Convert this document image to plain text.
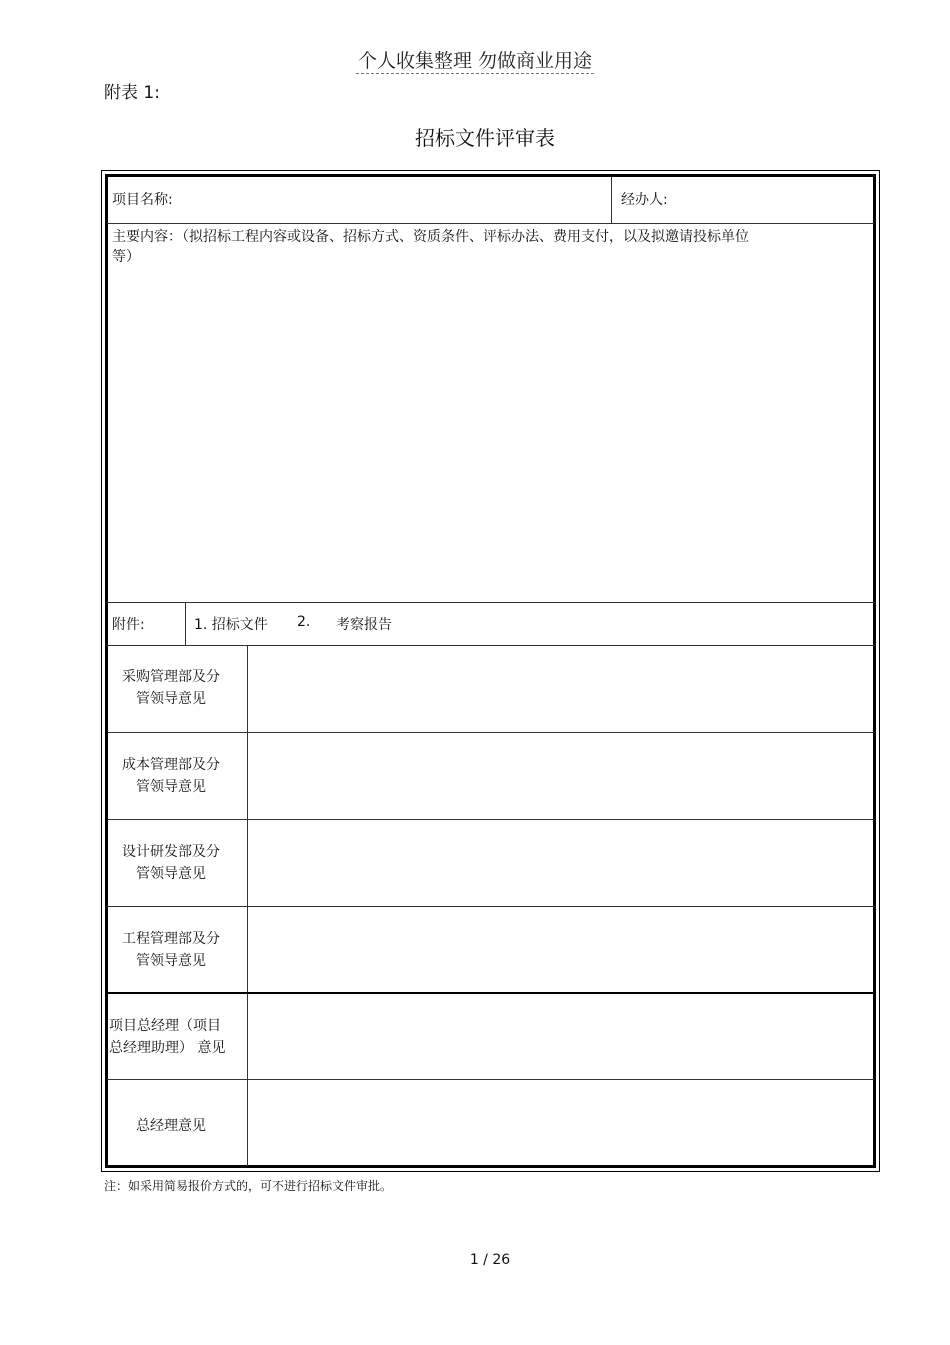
个人收集整理 勿做商业用途
附表 1:
招标文件评审表
项目名称:	经办人:
主要内容：（拟招标工程内容或设备、招标方式、资质条件、评标办法、费用支付，以及拟邀请投标单位
等）
附件:	1. 招标文件 2. 考察报告
采购管理部及分
管领导意见
成本管理部及分
管领导意见
设计研发部及分
管领导意见
工程管理部及分
管领导意见
项目总经理（项目
总经理助理） 意见
总经理意见
注：如采用简易报价方式的，可不进行招标文件审批。
1 / 26
